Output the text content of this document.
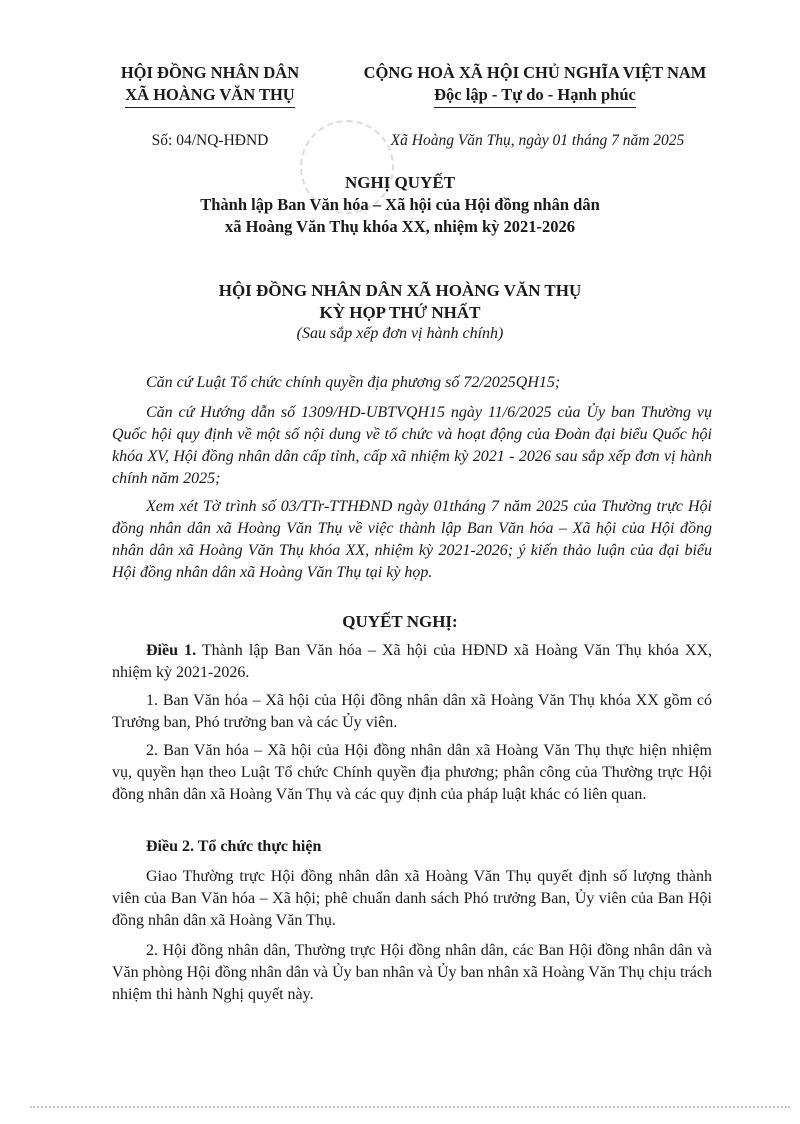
HỘI ĐỒNG NHÂN DÂN
XÃ HOÀNG VĂN THỤ
CỘNG HOÀ XÃ HỘI CHỦ NGHĨA VIỆT NAM
Độc lập - Tự do - Hạnh phúc
Số: 04/NQ-HĐND	Xã Hoàng Văn Thụ, ngày 01 tháng 7 năm 2025
NGHỊ QUYẾT
Thành lập Ban Văn hóa – Xã hội của Hội đồng nhân dân
xã Hoàng Văn Thụ khóa XX, nhiệm kỳ 2021-2026
HỘI ĐỒNG NHÂN DÂN XÃ HOÀNG VĂN THỤ
KỲ HỌP THỨ NHẤT
(Sau sắp xếp đơn vị hành chính)
Căn cứ Luật Tổ chức chính quyền địa phương số 72/2025QH15;
Căn cứ Hướng dẫn số 1309/HD-UBTVQH15 ngày 11/6/2025 của Ủy ban Thường vụ Quốc hội quy định về một số nội dung về tổ chức và hoạt động của Đoàn đại biểu Quốc hội khóa XV, Hội đồng nhân dân cấp tỉnh, cấp xã nhiệm kỳ 2021 - 2026 sau sắp xếp đơn vị hành chính năm 2025;
Xem xét Tờ trình số 03/TTr-TTHĐND ngày 01tháng 7 năm 2025 của Thường trực Hội đồng nhân dân xã Hoàng Văn Thụ về việc thành lập Ban Văn hóa – Xã hội của Hội đồng nhân dân xã Hoàng Văn Thụ khóa XX, nhiệm kỳ 2021-2026; ý kiến thảo luận của đại biểu Hội đồng nhân dân xã Hoàng Văn Thụ tại kỳ họp.
QUYẾT NGHỊ:
Điều 1. Thành lập Ban Văn hóa – Xã hội của HĐND xã Hoàng Văn Thụ khóa XX, nhiệm kỳ 2021-2026.
1. Ban Văn hóa – Xã hội của Hội đồng nhân dân xã Hoàng Văn Thụ khóa XX gồm có Trưởng ban, Phó trưởng ban và các Ủy viên.
2. Ban Văn hóa – Xã hội của Hội đồng nhân dân xã Hoàng Văn Thụ thực hiện nhiệm vụ, quyền hạn theo Luật Tổ chức Chính quyền địa phương; phân công của Thường trực Hội đồng nhân dân xã Hoàng Văn Thụ và các quy định của pháp luật khác có liên quan.
Điều 2. Tổ chức thực hiện
Giao Thường trực Hội đồng nhân dân xã Hoàng Văn Thụ quyết định số lượng thành viên của Ban Văn hóa – Xã hội; phê chuẩn danh sách Phó trưởng Ban, Ủy viên của Ban Hội đồng nhân dân xã Hoàng Văn Thụ.
2. Hội đồng nhân dân, Thường trực Hội đồng nhân dân, các Ban Hội đồng nhân dân và Văn phòng Hội đồng nhân dân và Ủy ban nhân và Ủy ban nhân xã Hoàng Văn Thụ chịu trách nhiệm thi hành Nghị quyết này.
